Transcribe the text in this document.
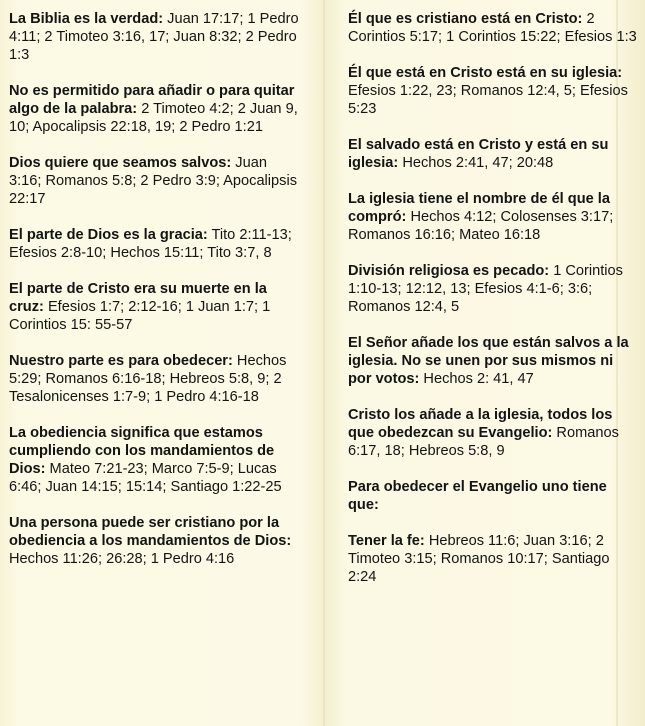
La Biblia es la verdad: Juan 17:17; 1 Pedro 4:11; 2 Timoteo 3:16, 17; Juan 8:32; 2 Pedro 1:3

No es permitido para añadir o para quitar algo de la palabra: 2 Timoteo 4:2; 2 Juan 9, 10; Apocalipsis 22:18, 19; 2 Pedro 1:21

Dios quiere que seamos salvos: Juan 3:16; Romanos 5:8; 2 Pedro 3:9; Apocalipsis 22:17

El parte de Dios es la gracia: Tito 2:11-13; Efesios 2:8-10; Hechos 15:11; Tito 3:7, 8

El parte de Cristo era su muerte en la cruz: Efesios 1:7; 2:12-16; 1 Juan 1:7; 1 Corintios 15: 55-57

Nuestro parte es para obedecer: Hechos 5:29; Romanos 6:16-18; Hebreos 5:8, 9; 2 Tesalonicenses 1:7-9; 1 Pedro 4:16-18

La obediencia significa que estamos cumpliendo con los mandamientos de Dios: Mateo 7:21-23; Marco 7:5-9; Lucas 6:46; Juan 14:15; 15:14; Santiago 1:22-25

Una persona puede ser cristiano por la obediencia a los mandamientos de Dios: Hechos 11:26; 26:28; 1 Pedro 4:16

Él que es cristiano está en Cristo: 2 Corintios 5:17; 1 Corintios 15:22; Efesios 1:3

Él que está en Cristo está en su iglesia: Efesios 1:22, 23; Romanos 12:4, 5; Efesios 5:23

El salvado está en Cristo y está en su iglesia: Hechos 2:41, 47; 20:48

La iglesia tiene el nombre de él que la compró: Hechos 4:12; Colosenses 3:17; Romanos 16:16; Mateo 16:18

División religiosa es pecado: 1 Corintios 1:10-13; 12:12, 13; Efesios 4:1-6; 3:6; Romanos 12:4, 5

El Señor añade los que están salvos a la iglesia. No se unen por sus mismos ni por votos: Hechos 2: 41, 47

Cristo los añade a la iglesia, todos los que obedezcan su Evangelio: Romanos 6:17, 18; Hebreos 5:8, 9

Para obedecer el Evangelio uno tiene que:

Tener la fe: Hebreos 11:6; Juan 3:16; 2 Timoteo 3:15; Romanos 10:17; Santiago 2:24
